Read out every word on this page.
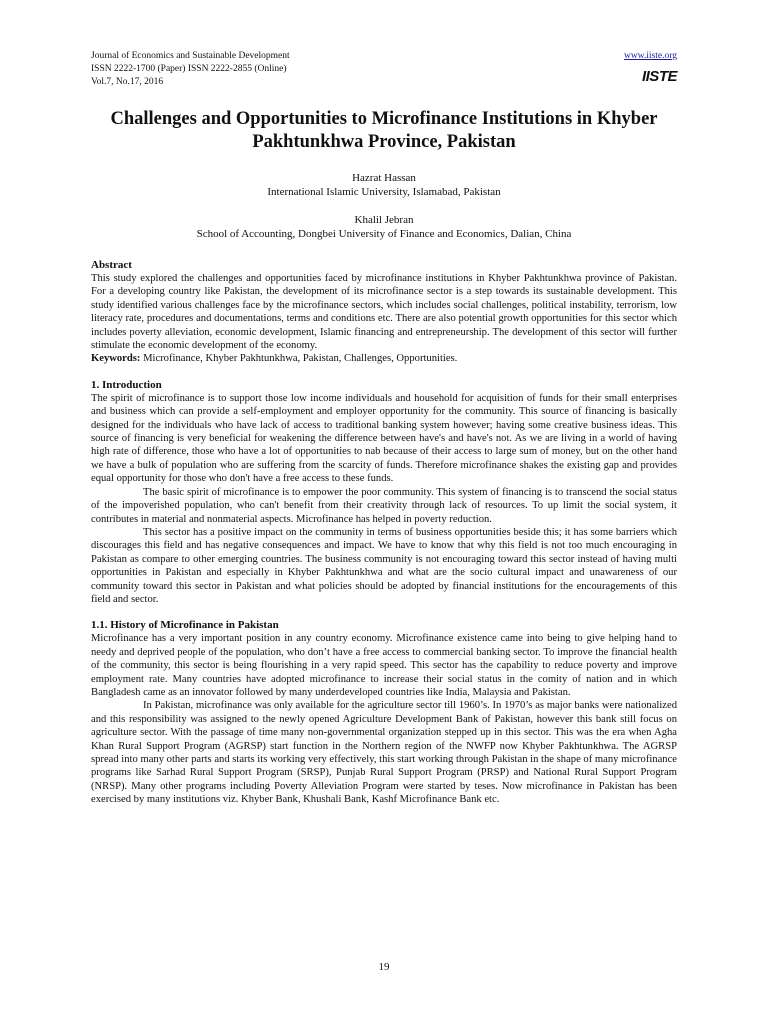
Journal of Economics and Sustainable Development
ISSN 2222-1700 (Paper) ISSN 2222-2855 (Online)
Vol.7, No.17, 2016
www.iiste.org
IISTE
Challenges and Opportunities to Microfinance Institutions in Khyber Pakhtunkhwa Province, Pakistan
Hazrat Hassan
International Islamic University, Islamabad, Pakistan
Khalil Jebran
School of Accounting, Dongbei University of Finance and Economics, Dalian, China
Abstract

This study explored the challenges and opportunities faced by microfinance institutions in Khyber Pakhtunkhwa province of Pakistan. For a developing country like Pakistan, the development of its microfinance sector is a step towards its sustainable development. This study identified various challenges face by the microfinance sectors, which includes social challenges, political instability, terrorism, low literacy rate, procedures and documentations, terms and conditions etc. There are also potential growth opportunities for this sector which includes poverty alleviation, economic development, Islamic financing and entrepreneurship. The development of this sector will further stimulate the economic development of the economy.

Keywords: Microfinance, Khyber Pakhtunkhwa, Pakistan, Challenges, Opportunities.

1. Introduction

The spirit of microfinance is to support those low income individuals and household for acquisition of funds for their small enterprises and business which can provide a self-employment and employer opportunity for the community. This source of financing is basically designed for the individuals who have lack of access to traditional banking system however; having some creative business ideas. This source of financing is very beneficial for weakening the difference between have's and have's not. As we are living in a world of having high rate of difference, those who have a lot of opportunities to nab because of their access to large sum of money, but on the other hand we have a bulk of population who are suffering from the scarcity of funds. Therefore microfinance shakes the existing gap and provides equal opportunity for those who don't have a free access to these funds.

The basic spirit of microfinance is to empower the poor community. This system of financing is to transcend the social status of the impoverished population, who can't benefit from their creativity through lack of resources. To up limit the social system, it contributes in material and nonmaterial aspects. Microfinance has helped in poverty reduction.

This sector has a positive impact on the community in terms of business opportunities beside this; it has some barriers which discourages this field and has negative consequences and impact. We have to know that why this field is not too much encouraging in Pakistan as compare to other emerging countries. The business community is not encouraging toward this sector instead of having multi opportunities in Pakistan and especially in Khyber Pakhtunkhwa and what are the socio cultural impact and unawareness of our community toward this sector in Pakistan and what policies should be adopted by financial institutions for the encouragements of this field and sector.

1.1. History of Microfinance in Pakistan

Microfinance has a very important position in any country economy. Microfinance existence came into being to give helping hand to needy and deprived people of the population, who don’t have a free access to commercial banking sector. To improve the financial health of the community, this sector is being flourishing in a very rapid speed. This sector has the capability to reduce poverty and improve employment rate. Many countries have adopted microfinance to increase their social status in the comity of nation and in which Bangladesh came as an innovator followed by many underdeveloped countries like India, Malaysia and Pakistan.

In Pakistan, microfinance was only available for the agriculture sector till 1960’s. In 1970’s as major banks were nationalized and this responsibility was assigned to the newly opened Agriculture Development Bank of Pakistan, however this bank still focus on agriculture sector. With the passage of time many non-governmental organization stepped up in this sector. This was the era when Agha Khan Rural Support Program (AGRSP) start function in the Northern region of the NWFP now Khyber Pakhtunkhwa. The AGRSP spread into many other parts and starts its working very effectively, this start working through Pakistan in the shape of many microfinance programs like Sarhad Rural Support Program (SRSP), Punjab Rural Support Program (PRSP) and National Rural Support Program (NRSP). Many other programs including Poverty Alleviation Program were started by teses. Now microfinance in Pakistan has been exercised by many institutions viz. Khyber Bank, Khushali Bank, Kashf Microfinance Bank etc.

19
